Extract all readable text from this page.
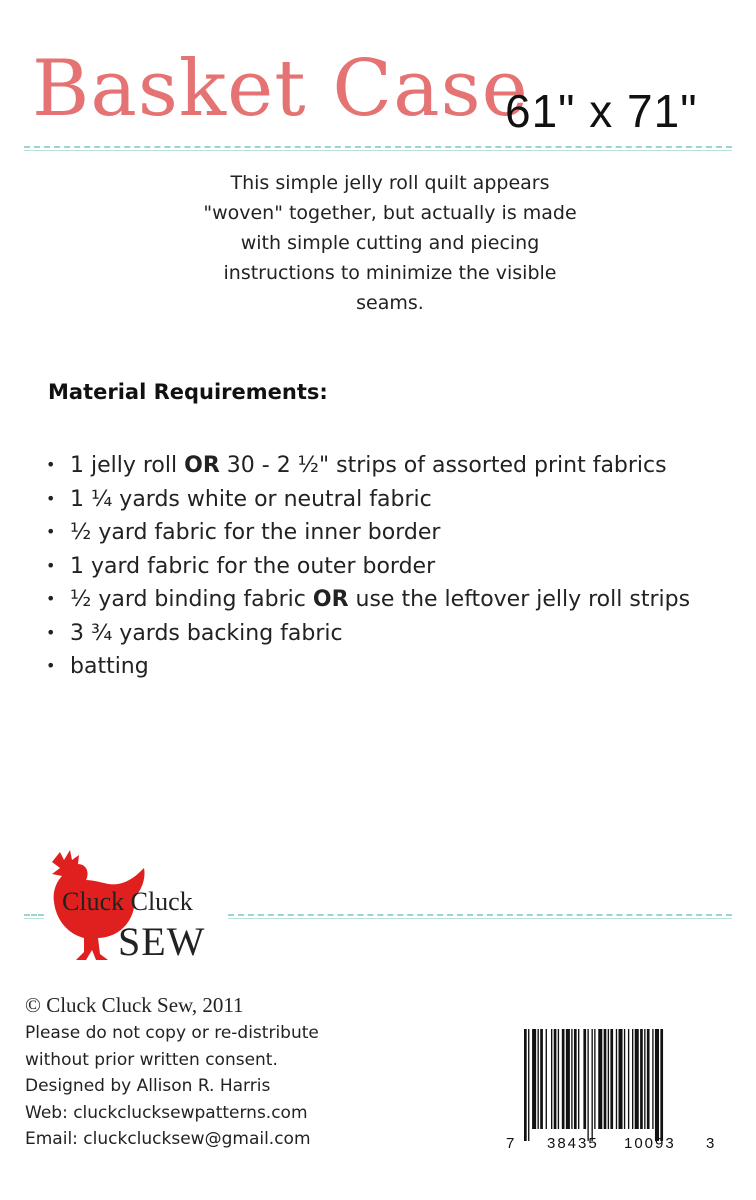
Basket Case
61" x 71"
This simple jelly roll quilt appears
"woven" together, but actually is made
with simple cutting and piecing
instructions to minimize the visible
seams.
Material Requirements:
• 1 jelly roll OR 30 - 2 ½" strips of assorted print fabrics
• 1 ¼ yards white or neutral fabric
• ½ yard fabric for the inner border
• 1 yard fabric for the outer border
• ½ yard binding fabric OR use the leftover jelly roll strips
• 3 ¾ yards backing fabric
• batting
Cluck Cluck
SEW
© Cluck Cluck Sew, 2011
Please do not copy or re-distribute
without prior written consent.
Designed by Allison R. Harris
Web: cluckclucksewpatterns.com
Email: cluckclucksew@gmail.com	7 38435 10093 3
